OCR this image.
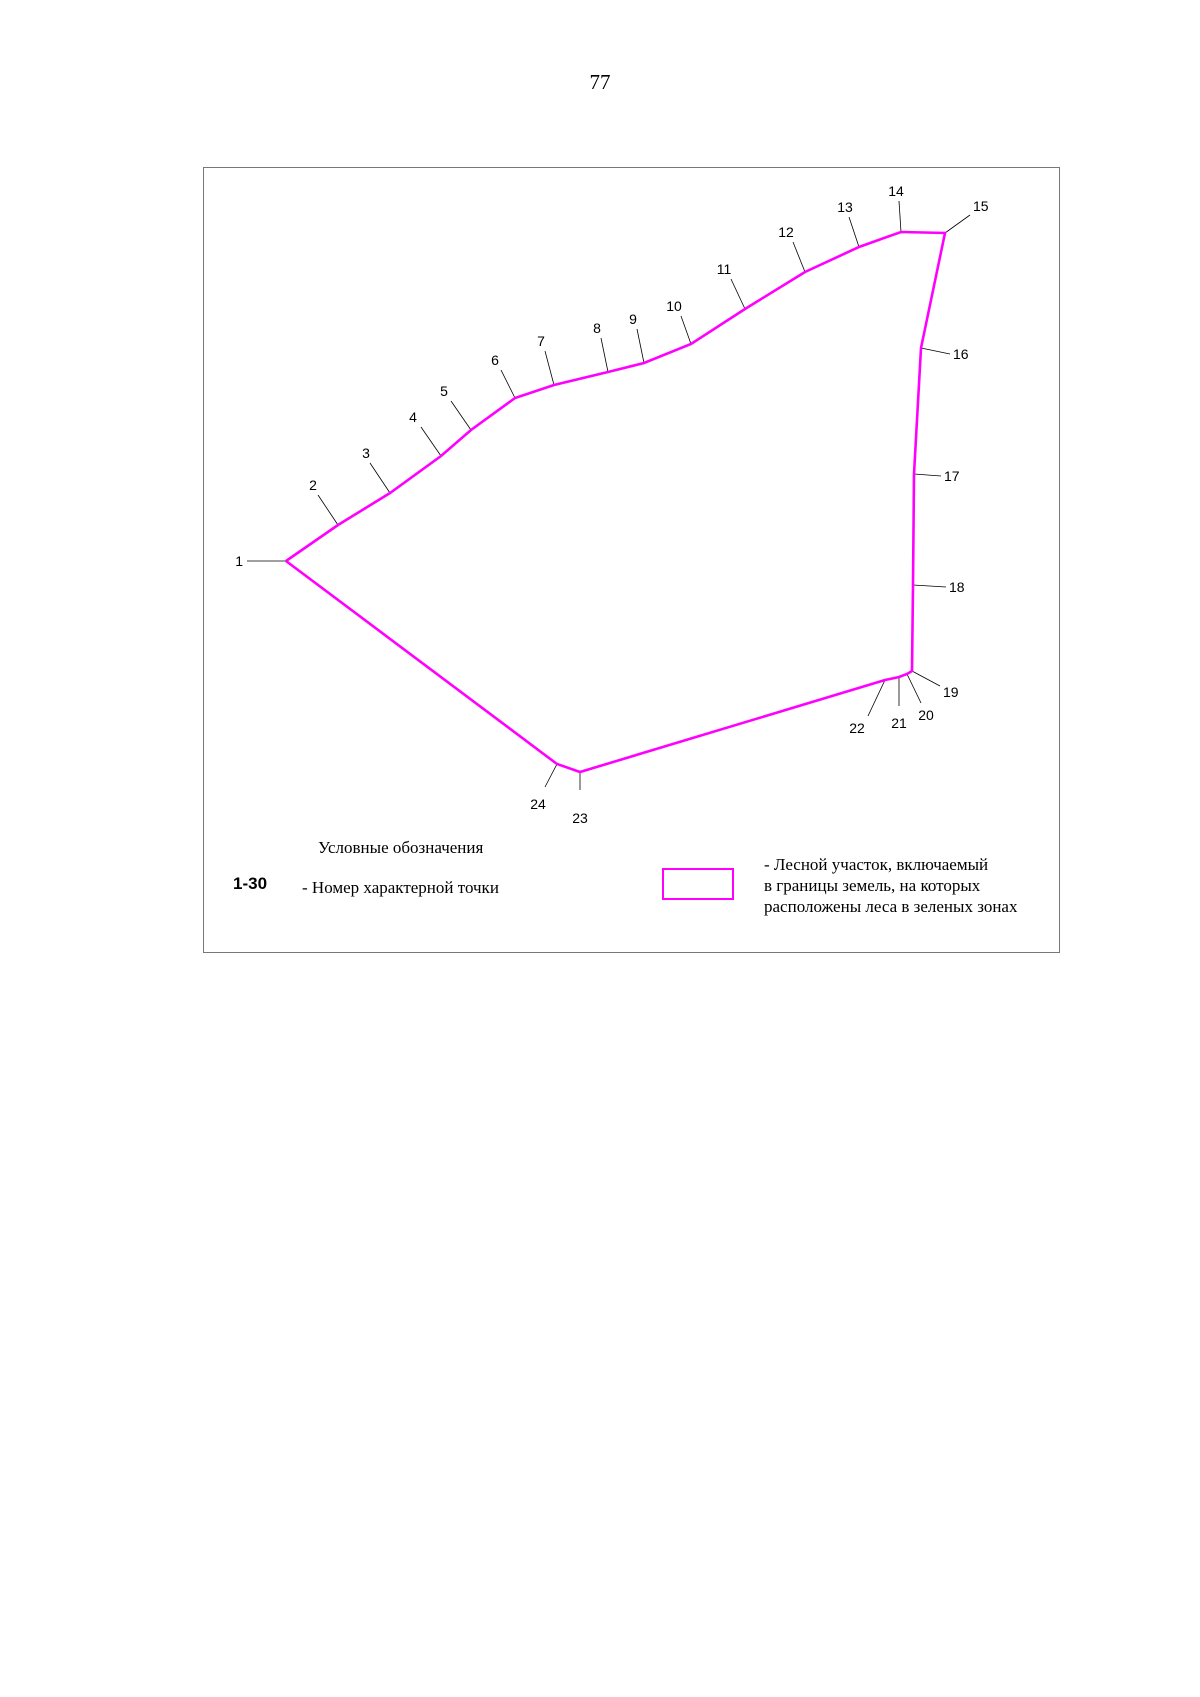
77
1
2
3
4
5
6
7
8
9
10
11
12
13
14
15
16
17
18
19
20
21
22
23
24
Условные обозначения
1-30 - Номер характерной точки
- Лесной участок, включаемый
в границы земель, на которых
расположены леса в зеленых зонах
